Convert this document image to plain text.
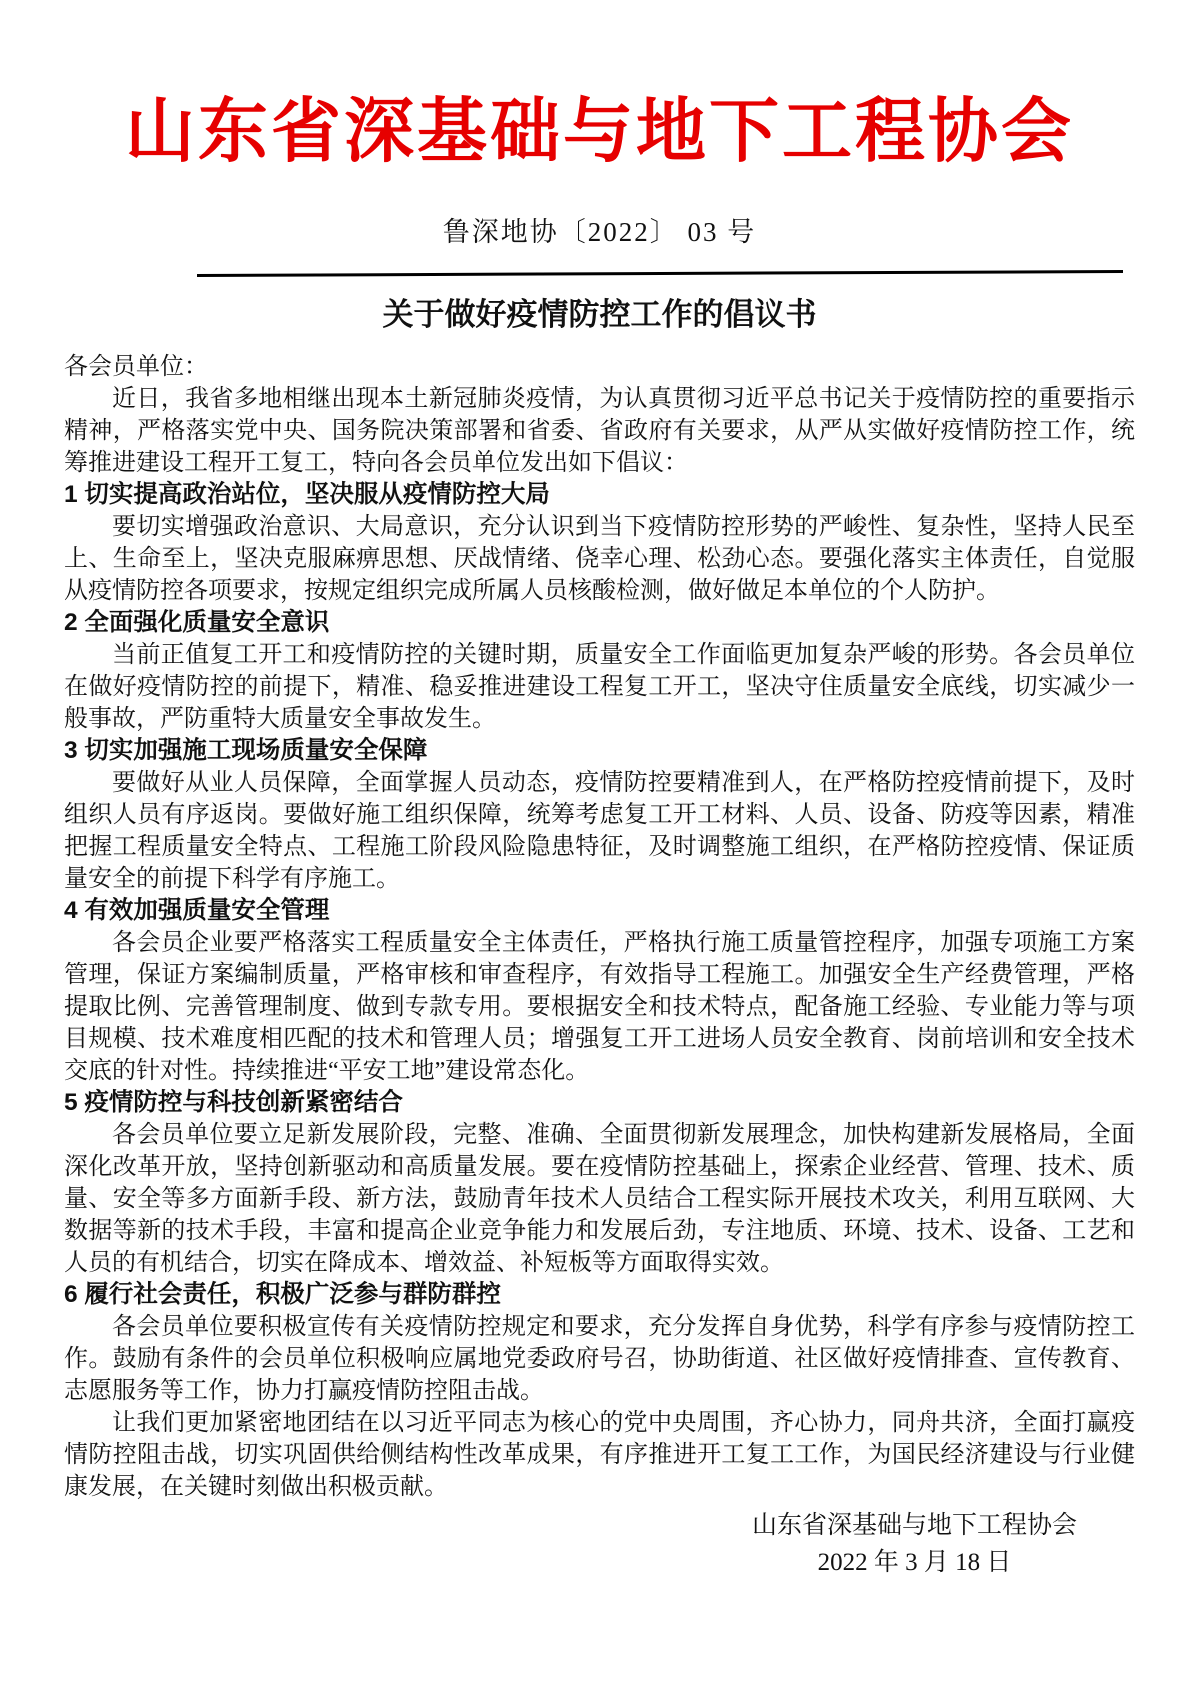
山东省深基础与地下工程协会
鲁深地协〔2022〕 03 号
关于做好疫情防控工作的倡议书

各会员单位：

近日，我省多地相继出现本土新冠肺炎疫情，为认真贯彻习近平总书记关于疫情防控的重要指示精神，严格落实党中央、国务院决策部署和省委、省政府有关要求，从严从实做好疫情防控工作，统筹推进建设工程开工复工，特向各会员单位发出如下倡议：

1 切实提高政治站位，坚决服从疫情防控大局

要切实增强政治意识、大局意识，充分认识到当下疫情防控形势的严峻性、复杂性，坚持人民至上、生命至上，坚决克服麻痹思想、厌战情绪、侥幸心理、松劲心态。要强化落实主体责任，自觉服从疫情防控各项要求，按规定组织完成所属人员核酸检测，做好做足本单位的个人防护。

2 全面强化质量安全意识

当前正值复工开工和疫情防控的关键时期，质量安全工作面临更加复杂严峻的形势。各会员单位在做好疫情防控的前提下，精准、稳妥推进建设工程复工开工，坚决守住质量安全底线，切实减少一般事故，严防重特大质量安全事故发生。

3 切实加强施工现场质量安全保障

要做好从业人员保障，全面掌握人员动态，疫情防控要精准到人，在严格防控疫情前提下，及时组织人员有序返岗。要做好施工组织保障，统筹考虑复工开工材料、人员、设备、防疫等因素，精准把握工程质量安全特点、工程施工阶段风险隐患特征，及时调整施工组织，在严格防控疫情、保证质量安全的前提下科学有序施工。

4 有效加强质量安全管理

各会员企业要严格落实工程质量安全主体责任，严格执行施工质量管控程序，加强专项施工方案管理，保证方案编制质量，严格审核和审查程序，有效指导工程施工。加强安全生产经费管理，严格提取比例、完善管理制度、做到专款专用。要根据安全和技术特点，配备施工经验、专业能力等与项目规模、技术难度相匹配的技术和管理人员；增强复工开工进场人员安全教育、岗前培训和安全技术交底的针对性。持续推进“平安工地”建设常态化。

5 疫情防控与科技创新紧密结合

各会员单位要立足新发展阶段，完整、准确、全面贯彻新发展理念，加快构建新发展格局，全面深化改革开放，坚持创新驱动和高质量发展。要在疫情防控基础上，探索企业经营、管理、技术、质量、安全等多方面新手段、新方法，鼓励青年技术人员结合工程实际开展技术攻关，利用互联网、大数据等新的技术手段，丰富和提高企业竞争能力和发展后劲，专注地质、环境、技术、设备、工艺和人员的有机结合，切实在降成本、增效益、补短板等方面取得实效。

6 履行社会责任，积极广泛参与群防群控

各会员单位要积极宣传有关疫情防控规定和要求，充分发挥自身优势，科学有序参与疫情防控工作。鼓励有条件的会员单位积极响应属地党委政府号召，协助街道、社区做好疫情排查、宣传教育、志愿服务等工作，协力打赢疫情防控阻击战。

让我们更加紧密地团结在以习近平同志为核心的党中央周围，齐心协力，同舟共济，全面打赢疫情防控阻击战，切实巩固供给侧结构性改革成果，有序推进开工复工工作，为国民经济建设与行业健康发展，在关键时刻做出积极贡献。

山东省深基础与地下工程协会
2022 年 3 月 18 日
